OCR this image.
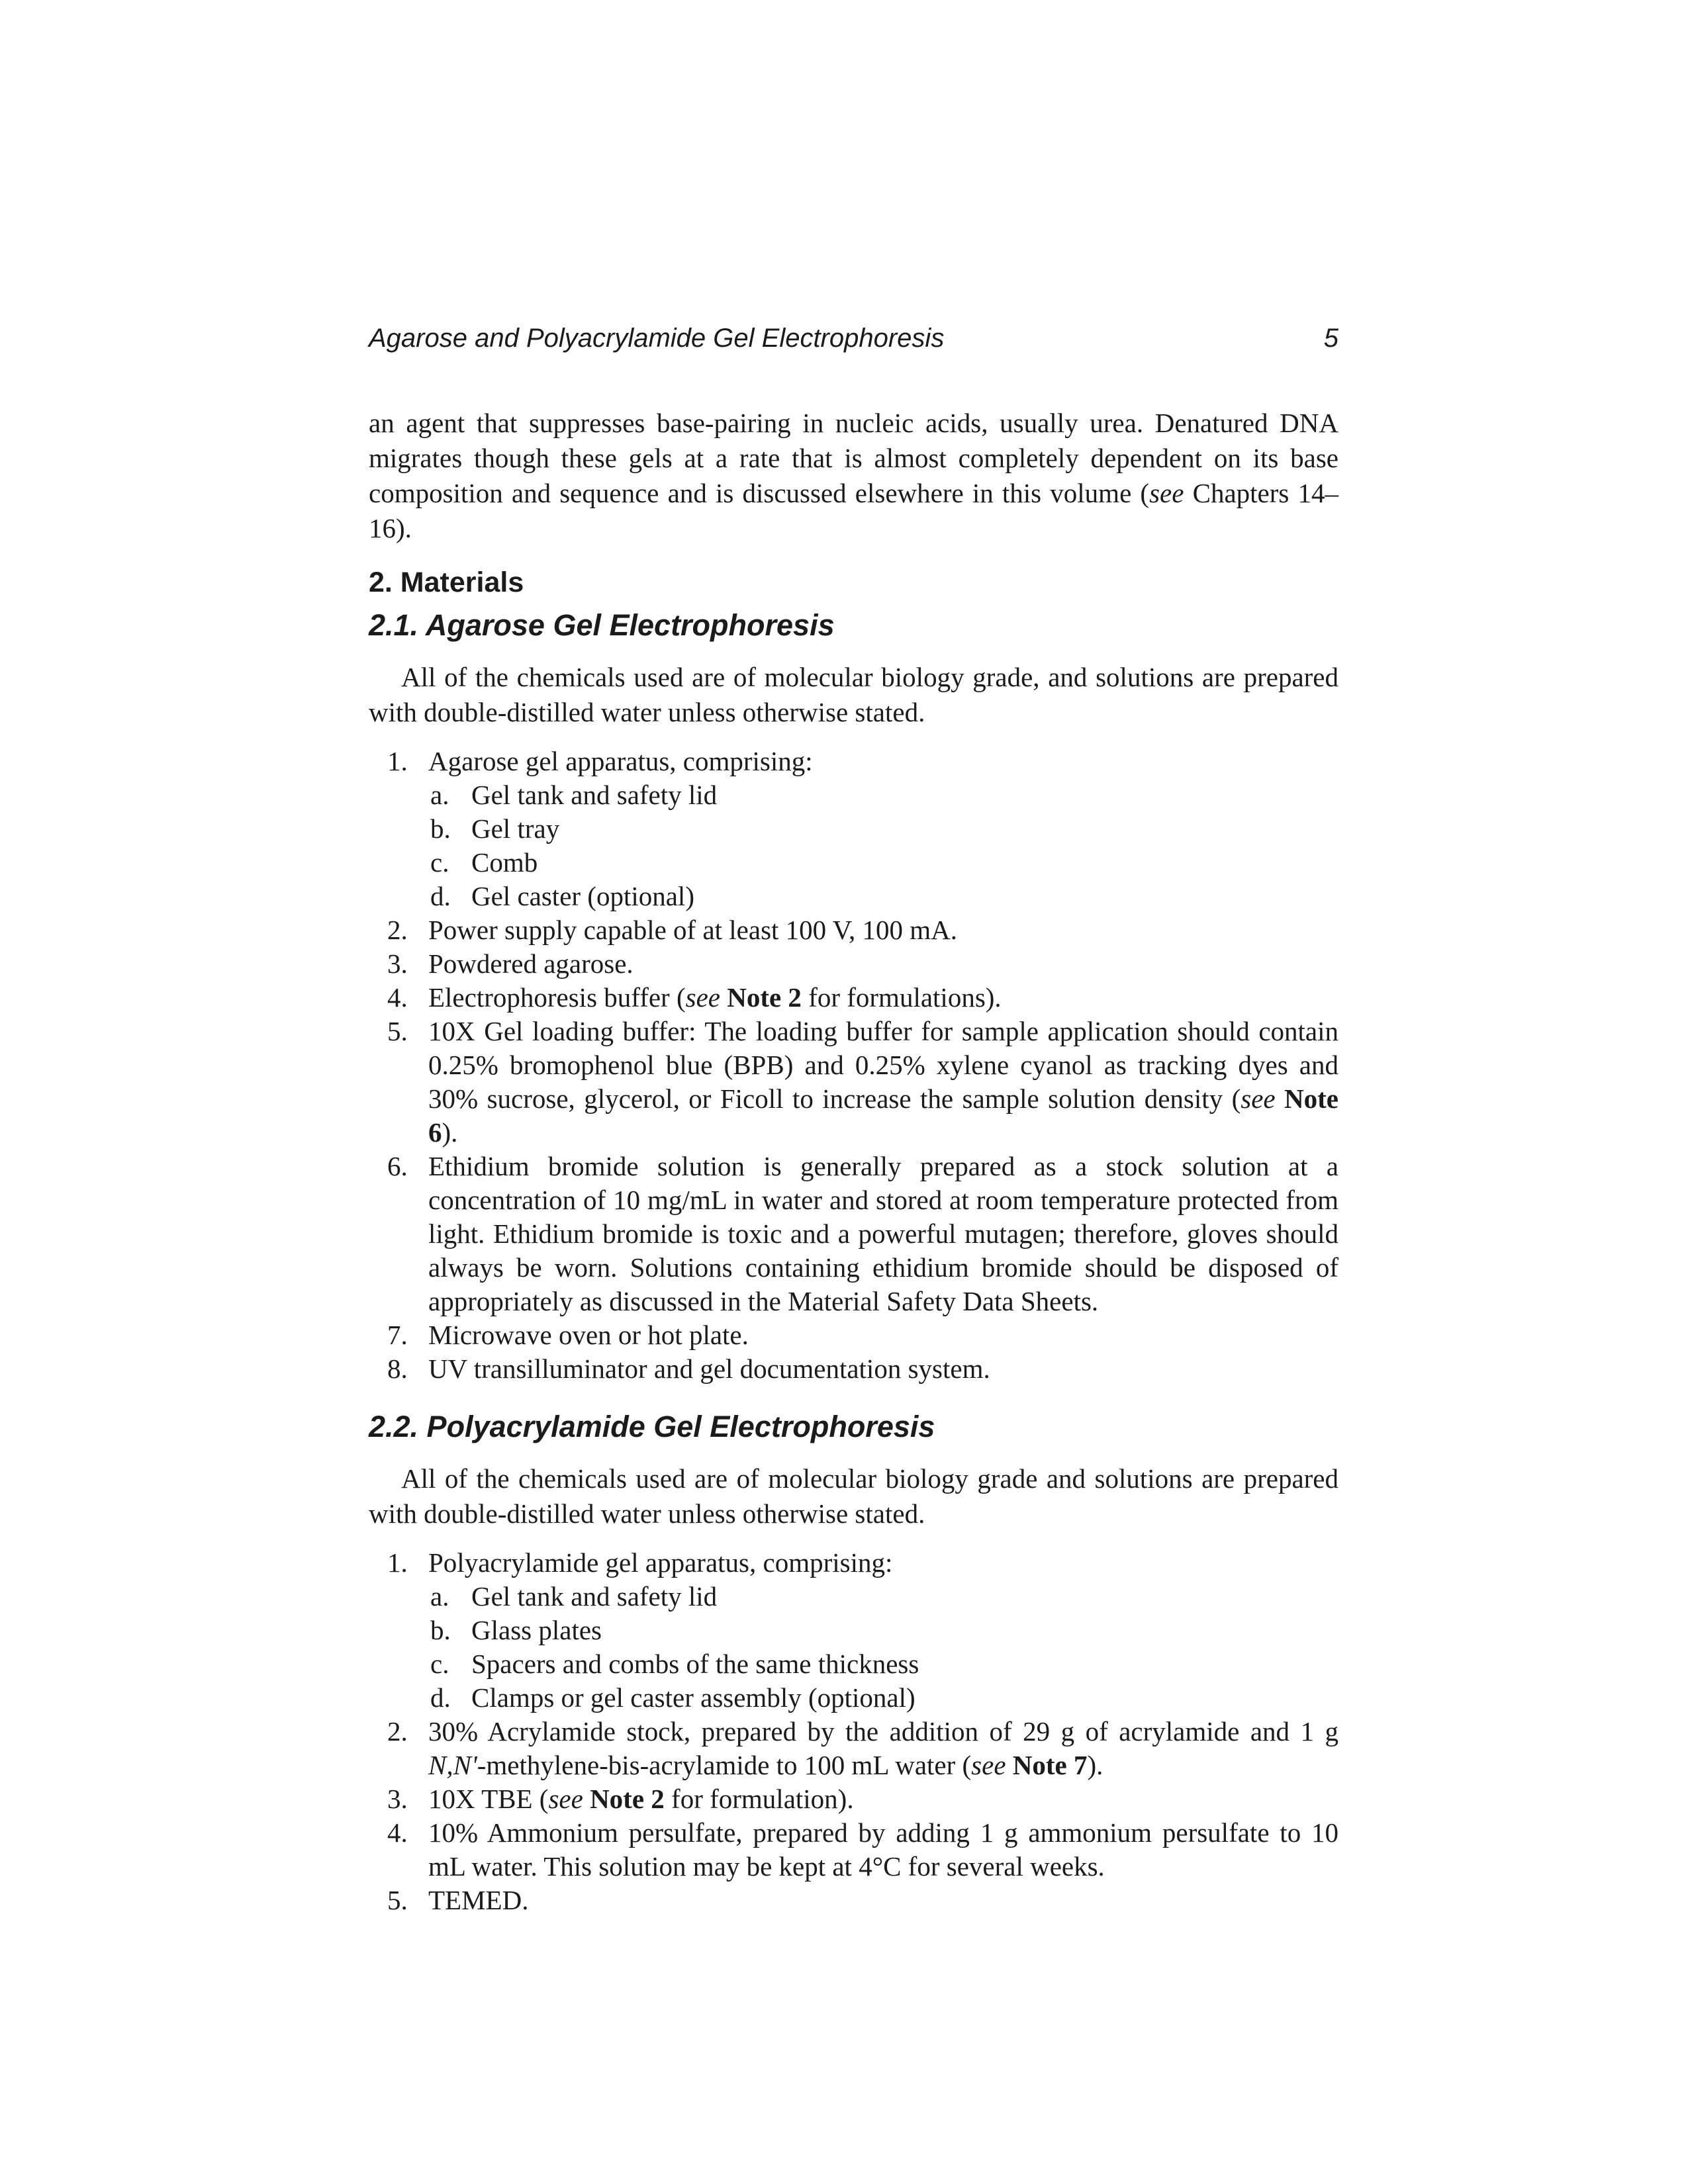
Agarose and Polyacrylamide Gel Electrophoresis	5

an agent that suppresses base-pairing in nucleic acids, usually urea. Denatured DNA migrates though these gels at a rate that is almost completely dependent on its base composition and sequence and is discussed elsewhere in this volume (see Chapters 14–16).

2. Materials
2.1. Agarose Gel Electrophoresis

All of the chemicals used are of molecular biology grade, and solutions are prepared with double-distilled water unless otherwise stated.

1. Agarose gel apparatus, comprising:
a. Gel tank and safety lid
b. Gel tray
c. Comb
d. Gel caster (optional)
2. Power supply capable of at least 100 V, 100 mA.
3. Powdered agarose.
4. Electrophoresis buffer (see Note 2 for formulations).
5. 10X Gel loading buffer: The loading buffer for sample application should contain 0.25% bromophenol blue (BPB) and 0.25% xylene cyanol as tracking dyes and 30% sucrose, glycerol, or Ficoll to increase the sample solution density (see Note 6).
6. Ethidium bromide solution is generally prepared as a stock solution at a concentration of 10 mg/mL in water and stored at room temperature protected from light. Ethidium bromide is toxic and a powerful mutagen; therefore, gloves should always be worn. Solutions containing ethidium bromide should be disposed of appropriately as discussed in the Material Safety Data Sheets.
7. Microwave oven or hot plate.
8. UV transilluminator and gel documentation system.
2.2. Polyacrylamide Gel Electrophoresis

All of the chemicals used are of molecular biology grade and solutions are prepared with double-distilled water unless otherwise stated.

1. Polyacrylamide gel apparatus, comprising:
a. Gel tank and safety lid
b. Glass plates
c. Spacers and combs of the same thickness
d. Clamps or gel caster assembly (optional)
2. 30% Acrylamide stock, prepared by the addition of 29 g of acrylamide and 1 g N,N'-methylene-bis-acrylamide to 100 mL water (see Note 7).
3. 10X TBE (see Note 2 for formulation).
4. 10% Ammonium persulfate, prepared by adding 1 g ammonium persulfate to 10 mL water. This solution may be kept at 4°C for several weeks.
5. TEMED.
